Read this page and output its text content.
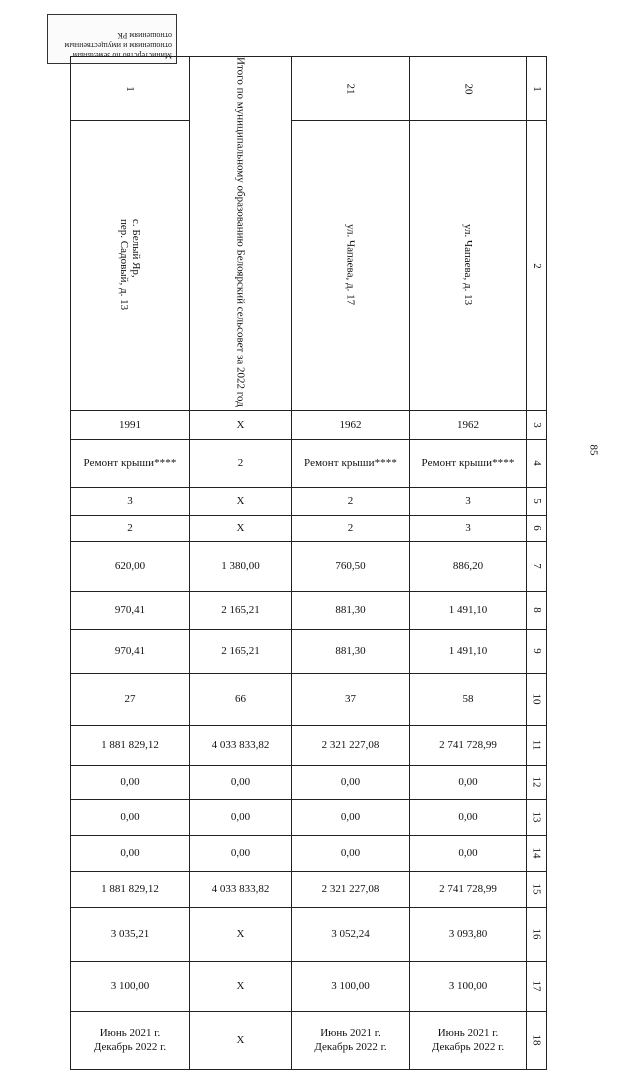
Министерство по земельным
отношениям и имущественным
отношениям РК
85
1	Итого по муниципальному образованию Белоярский сельсовет за 2022 год	21	20	1
с. Белый Яр,
пер. Садовый, д. 13		ул. Чапаева, д. 17	ул. Чапаева, д. 13	2
1991	Х	1962	1962	3
Ремонт крыши****	2	Ремонт крыши****	Ремонт крыши****	4
3	Х	2	3	5
2	Х	2	3	6
620,00	1 380,00	760,50	886,20	7
970,41	2 165,21	881,30	1 491,10	8
970,41	2 165,21	881,30	1 491,10	9
27	66	37	58	10
1 881 829,12	4 033 833,82	2 321 227,08	2 741 728,99	11
0,00	0,00	0,00	0,00	12
0,00	0,00	0,00	0,00	13
0,00	0,00	0,00	0,00	14
1 881 829,12	4 033 833,82	2 321 227,08	2 741 728,99	15
3 035,21	Х	3 052,24	3 093,80	16
3 100,00	Х	3 100,00	3 100,00	17
Июнь 2021 г.
Декабрь 2022 г.	Х	Июнь 2021 г.
Декабрь 2022 г.	Июнь 2021 г.
Декабрь 2022 г.	18
